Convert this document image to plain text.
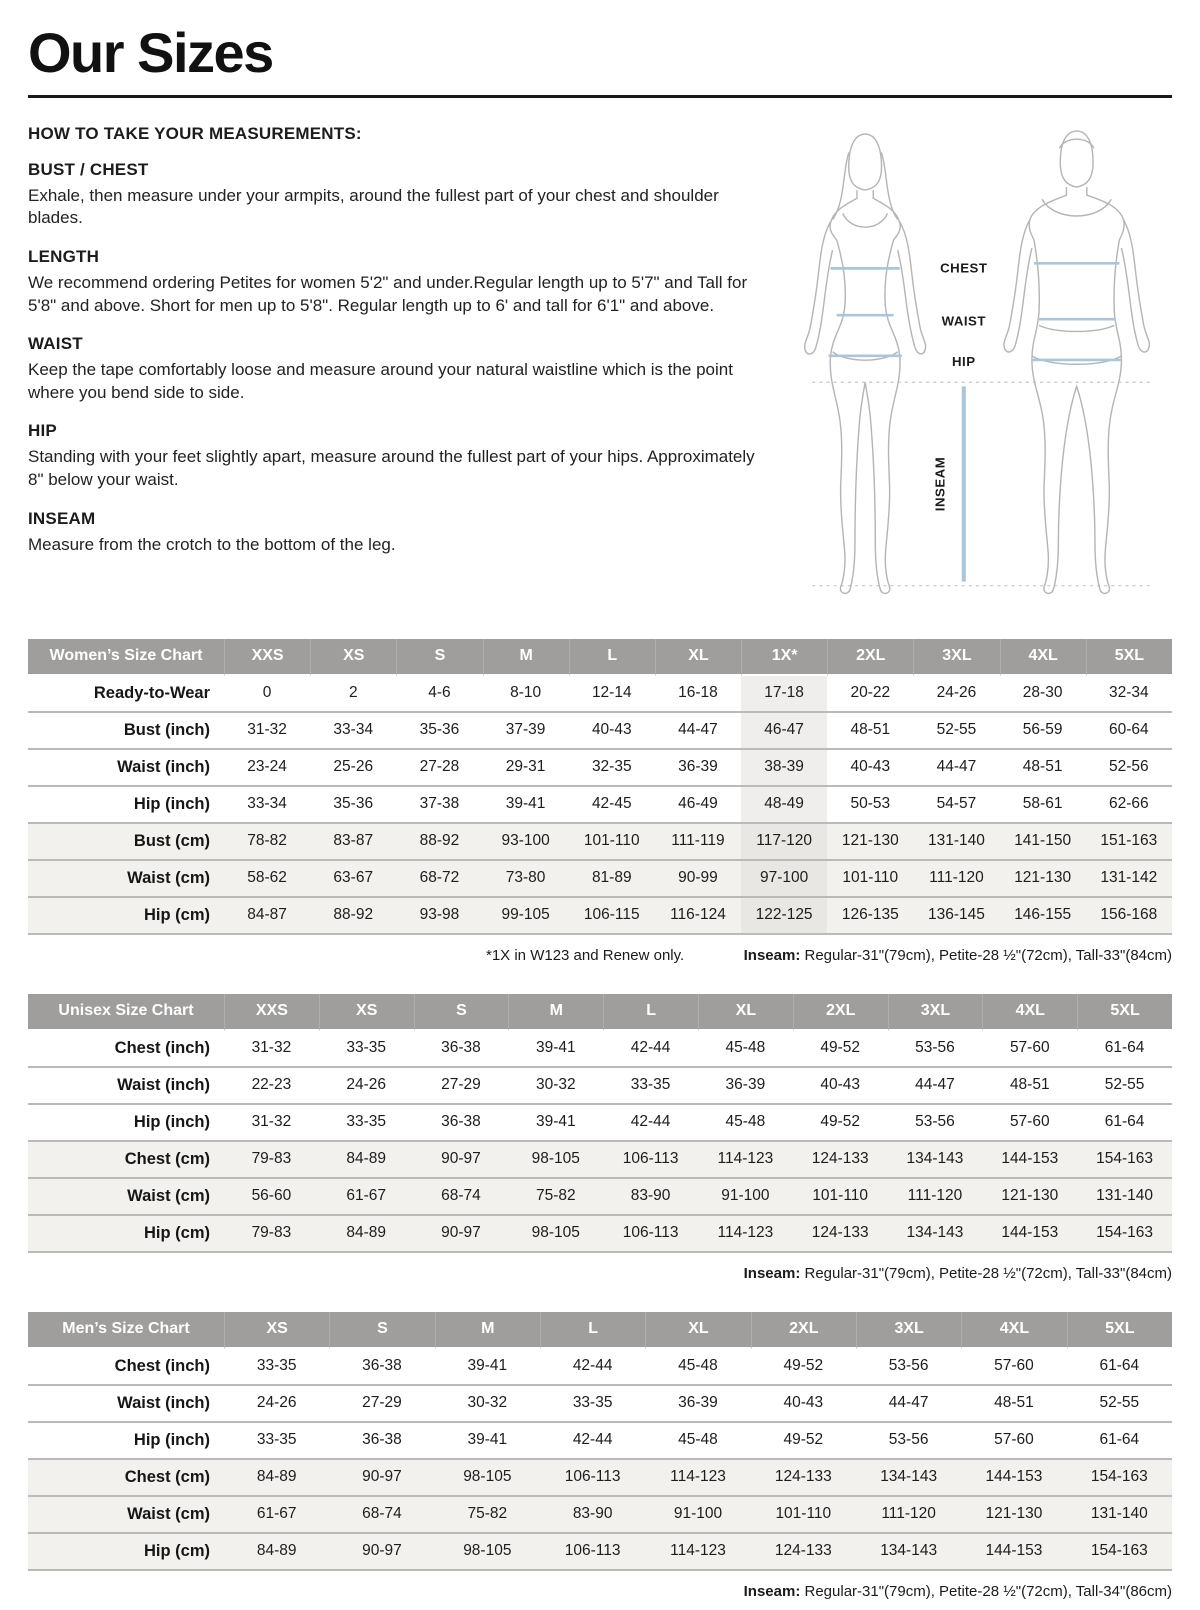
Our Sizes
HOW TO TAKE YOUR MEASUREMENTS:
BUST / CHEST
Exhale, then measure under your armpits, around the fullest part of your chest and shoulder blades.
LENGTH
We recommend ordering Petites for women 5'2" and under.Regular length up to 5'7" and Tall for 5'8" and above. Short for men up to 5'8". Regular length up to 6' and tall for 6'1" and above.
WAIST
Keep the tape comfortably loose and measure around your natural waistline which is the point where you bend side to side.
HIP
Standing with your feet slightly apart, measure around the fullest part of your hips. Approximately 8" below your waist.
INSEAM
Measure from the crotch to the bottom of the leg.
CHEST
WAIST
HIP
INSEAM
Women’s Size Chart	XXS	XS	S	M	L	XL	1X*	2XL	3XL	4XL	5XL
Ready-to-Wear	0	2	4-6	8-10	12-14	16-18	17-18	20-22	24-26	28-30	32-34
Bust (inch)	31-32	33-34	35-36	37-39	40-43	44-47	46-47	48-51	52-55	56-59	60-64
Waist (inch)	23-24	25-26	27-28	29-31	32-35	36-39	38-39	40-43	44-47	48-51	52-56
Hip (inch)	33-34	35-36	37-38	39-41	42-45	46-49	48-49	50-53	54-57	58-61	62-66
Bust (cm)	78-82	83-87	88-92	93-100	101-110	111-119	117-120	121-130	131-140	141-150	151-163
Waist (cm)	58-62	63-67	68-72	73-80	81-89	90-99	97-100	101-110	111-120	121-130	131-142
Hip (cm)	84-87	88-92	93-98	99-105	106-115	116-124	122-125	126-135	136-145	146-155	156-168
*1X in W123 and Renew only.	Inseam: Regular-31"(79cm), Petite-28 ½"(72cm), Tall-33"(84cm)
Unisex Size Chart	XXS	XS	S	M	L	XL	2XL	3XL	4XL	5XL
Chest (inch)	31-32	33-35	36-38	39-41	42-44	45-48	49-52	53-56	57-60	61-64
Waist (inch)	22-23	24-26	27-29	30-32	33-35	36-39	40-43	44-47	48-51	52-55
Hip (inch)	31-32	33-35	36-38	39-41	42-44	45-48	49-52	53-56	57-60	61-64
Chest (cm)	79-83	84-89	90-97	98-105	106-113	114-123	124-133	134-143	144-153	154-163
Waist (cm)	56-60	61-67	68-74	75-82	83-90	91-100	101-110	111-120	121-130	131-140
Hip (cm)	79-83	84-89	90-97	98-105	106-113	114-123	124-133	134-143	144-153	154-163
Inseam: Regular-31"(79cm), Petite-28 ½"(72cm), Tall-33"(84cm)
Men’s Size Chart	XS	S	M	L	XL	2XL	3XL	4XL	5XL
Chest (inch)	33-35	36-38	39-41	42-44	45-48	49-52	53-56	57-60	61-64
Waist (inch)	24-26	27-29	30-32	33-35	36-39	40-43	44-47	48-51	52-55
Hip (inch)	33-35	36-38	39-41	42-44	45-48	49-52	53-56	57-60	61-64
Chest (cm)	84-89	90-97	98-105	106-113	114-123	124-133	134-143	144-153	154-163
Waist (cm)	61-67	68-74	75-82	83-90	91-100	101-110	111-120	121-130	131-140
Hip (cm)	84-89	90-97	98-105	106-113	114-123	124-133	134-143	144-153	154-163
Inseam: Regular-31"(79cm), Petite-28 ½"(72cm), Tall-34"(86cm)
